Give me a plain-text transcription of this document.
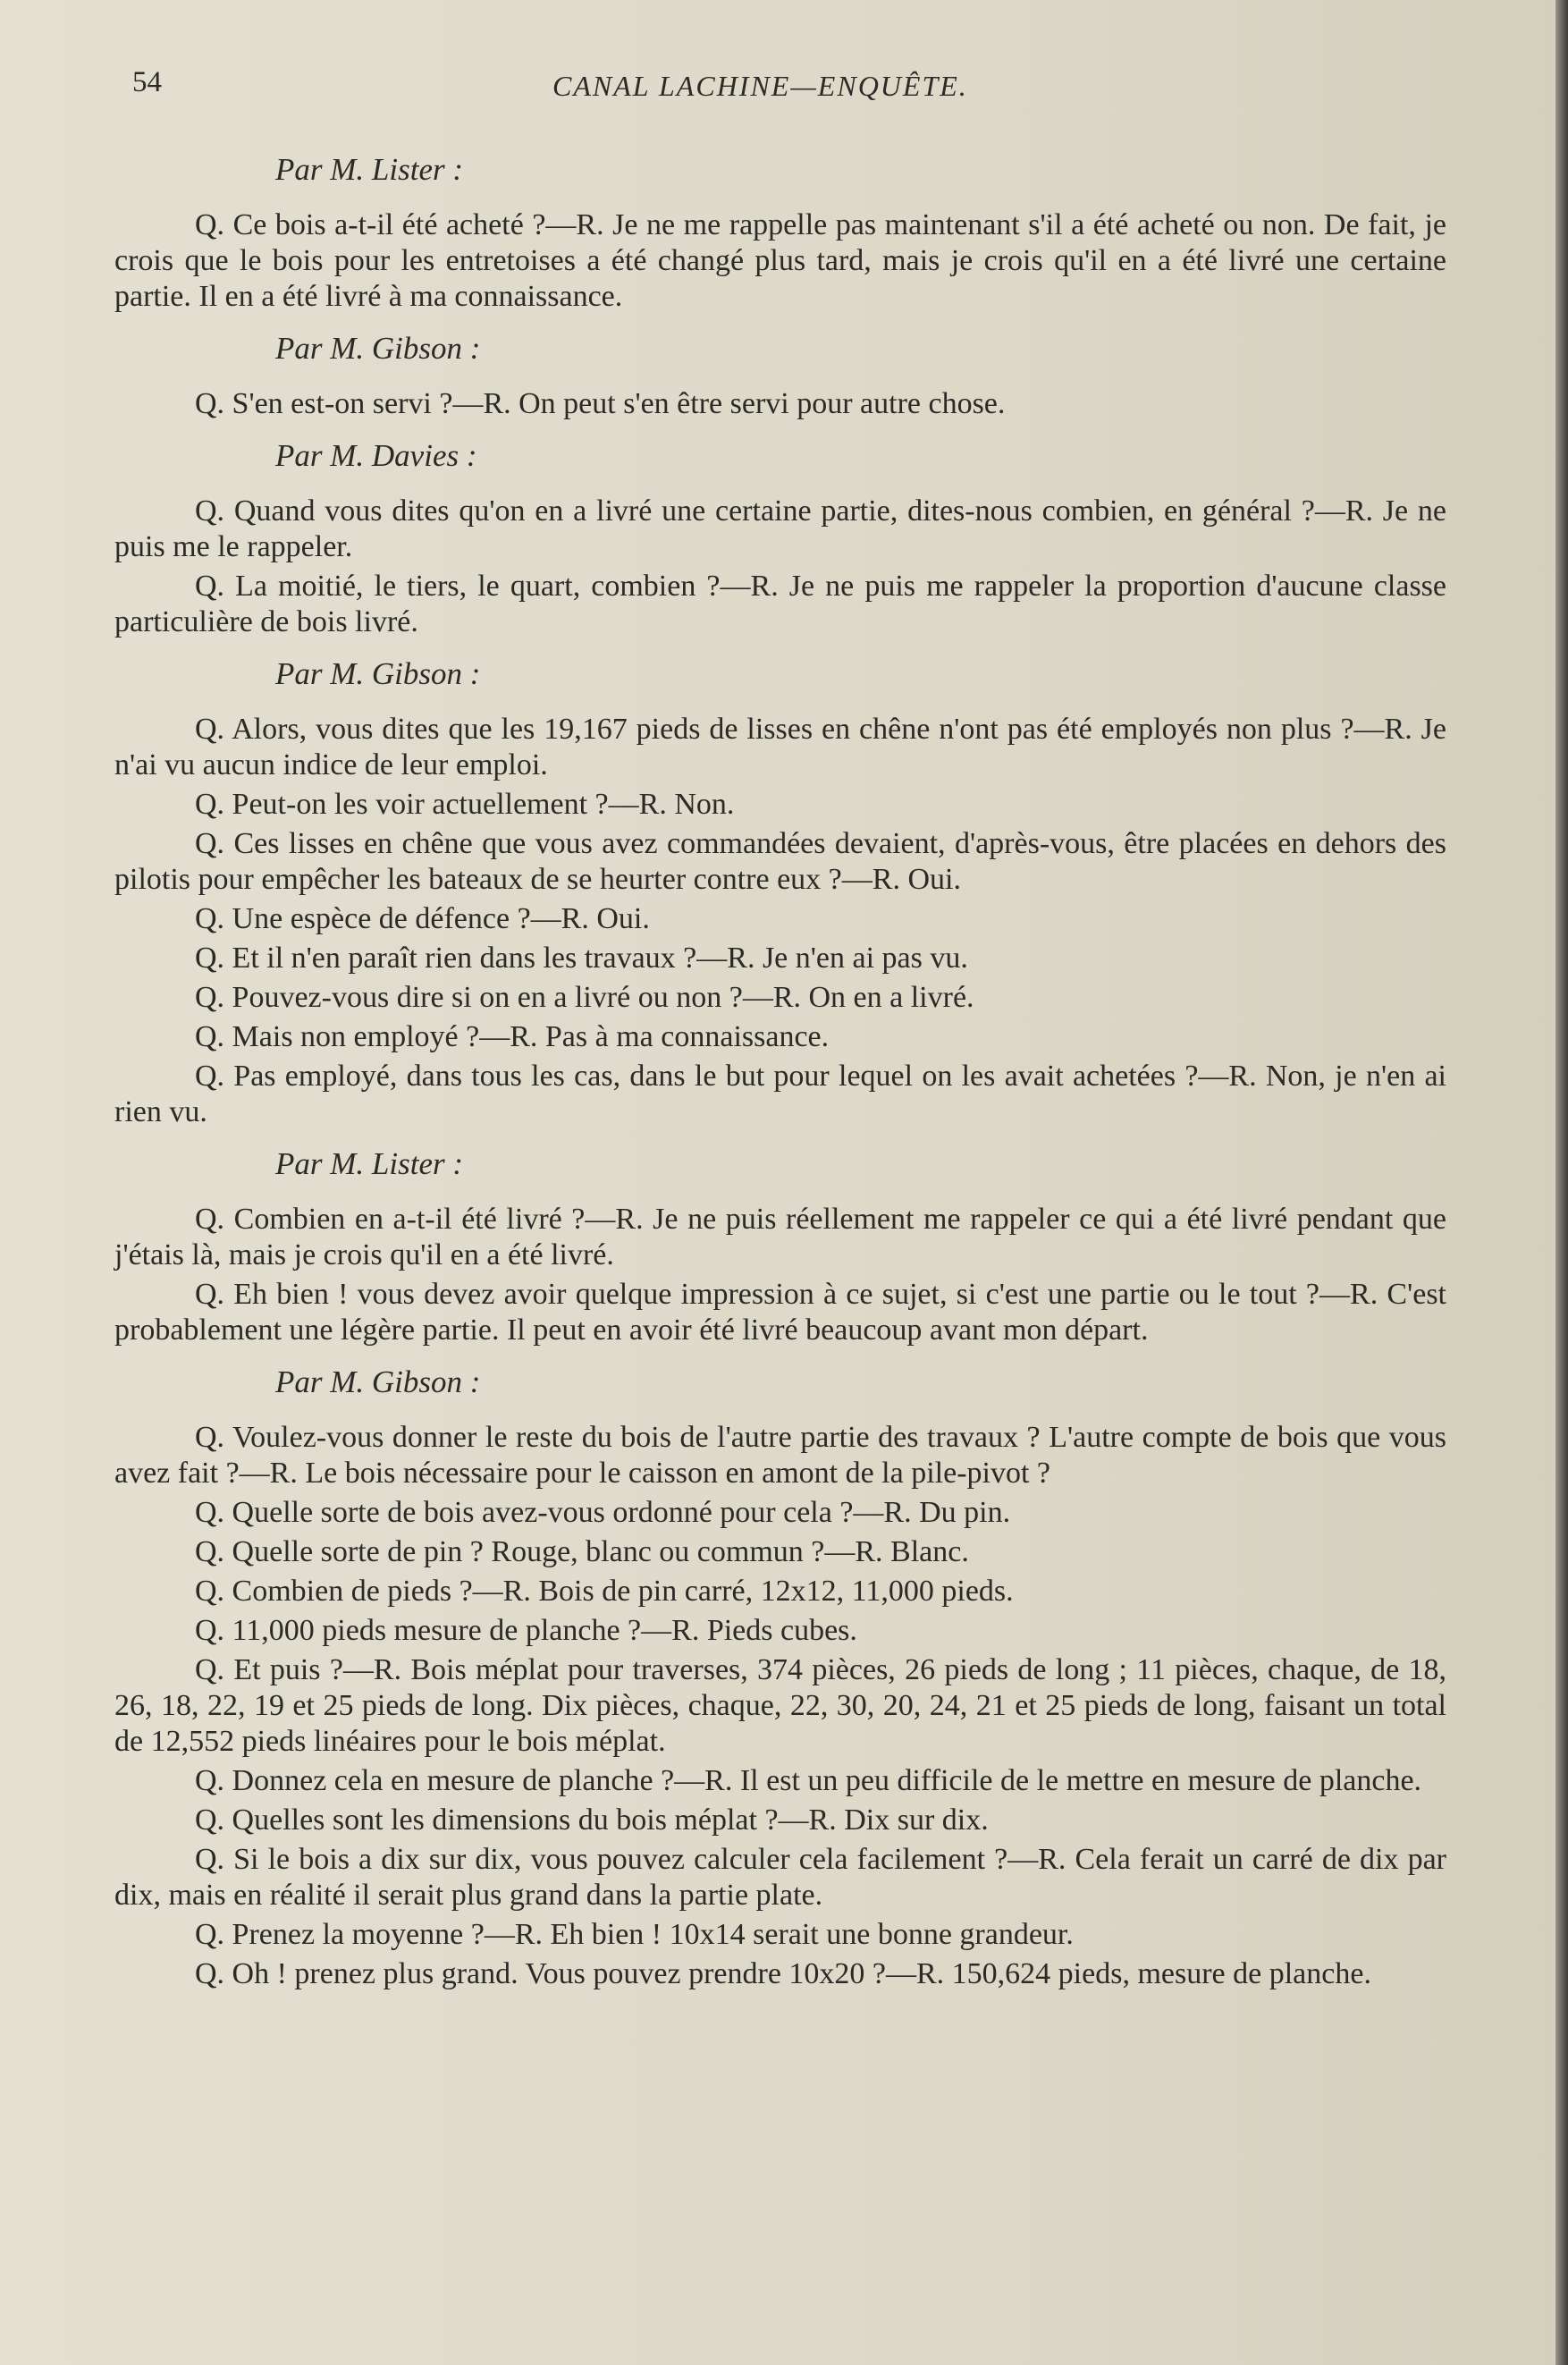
54	CANAL LACHINE—ENQUÊTE.
Par M. Lister :

Q. Ce bois a-t-il été acheté ?—R. Je ne me rappelle pas maintenant s'il a été acheté ou non. De fait, je crois que le bois pour les entretoises a été changé plus tard, mais je crois qu'il en a été livré une certaine partie. Il en a été livré à ma connaissance.

Par M. Gibson :

Q. S'en est-on servi ?—R. On peut s'en être servi pour autre chose.

Par M. Davies :

Q. Quand vous dites qu'on en a livré une certaine partie, dites-nous combien, en général ?—R. Je ne puis me le rappeler.

Q. La moitié, le tiers, le quart, combien ?—R. Je ne puis me rappeler la proportion d'aucune classe particulière de bois livré.

Par M. Gibson :

Q. Alors, vous dites que les 19,167 pieds de lisses en chêne n'ont pas été employés non plus ?—R. Je n'ai vu aucun indice de leur emploi.

Q. Peut-on les voir actuellement ?—R. Non.

Q. Ces lisses en chêne que vous avez commandées devaient, d'après-vous, être placées en dehors des pilotis pour empêcher les bateaux de se heurter contre eux ?—R. Oui.

Q. Une espèce de défence ?—R. Oui.

Q. Et il n'en paraît rien dans les travaux ?—R. Je n'en ai pas vu.

Q. Pouvez-vous dire si on en a livré ou non ?—R. On en a livré.

Q. Mais non employé ?—R. Pas à ma connaissance.

Q. Pas employé, dans tous les cas, dans le but pour lequel on les avait achetées ?—R. Non, je n'en ai rien vu.

Par M. Lister :

Q. Combien en a-t-il été livré ?—R. Je ne puis réellement me rappeler ce qui a été livré pendant que j'étais là, mais je crois qu'il en a été livré.

Q. Eh bien ! vous devez avoir quelque impression à ce sujet, si c'est une partie ou le tout ?—R. C'est probablement une légère partie. Il peut en avoir été livré beaucoup avant mon départ.

Par M. Gibson :

Q. Voulez-vous donner le reste du bois de l'autre partie des travaux ? L'autre compte de bois que vous avez fait ?—R. Le bois nécessaire pour le caisson en amont de la pile-pivot ?

Q. Quelle sorte de bois avez-vous ordonné pour cela ?—R. Du pin.

Q. Quelle sorte de pin ? Rouge, blanc ou commun ?—R. Blanc.

Q. Combien de pieds ?—R. Bois de pin carré, 12x12, 11,000 pieds.

Q. 11,000 pieds mesure de planche ?—R. Pieds cubes.

Q. Et puis ?—R. Bois méplat pour traverses, 374 pièces, 26 pieds de long ; 11 pièces, chaque, de 18, 26, 18, 22, 19 et 25 pieds de long. Dix pièces, chaque, 22, 30, 20, 24, 21 et 25 pieds de long, faisant un total de 12,552 pieds linéaires pour le bois méplat.

Q. Donnez cela en mesure de planche ?—R. Il est un peu difficile de le mettre en mesure de planche.

Q. Quelles sont les dimensions du bois méplat ?—R. Dix sur dix.

Q. Si le bois a dix sur dix, vous pouvez calculer cela facilement ?—R. Cela ferait un carré de dix par dix, mais en réalité il serait plus grand dans la partie plate.

Q. Prenez la moyenne ?—R. Eh bien ! 10x14 serait une bonne grandeur.

Q. Oh ! prenez plus grand. Vous pouvez prendre 10x20 ?—R. 150,624 pieds, mesure de planche.
